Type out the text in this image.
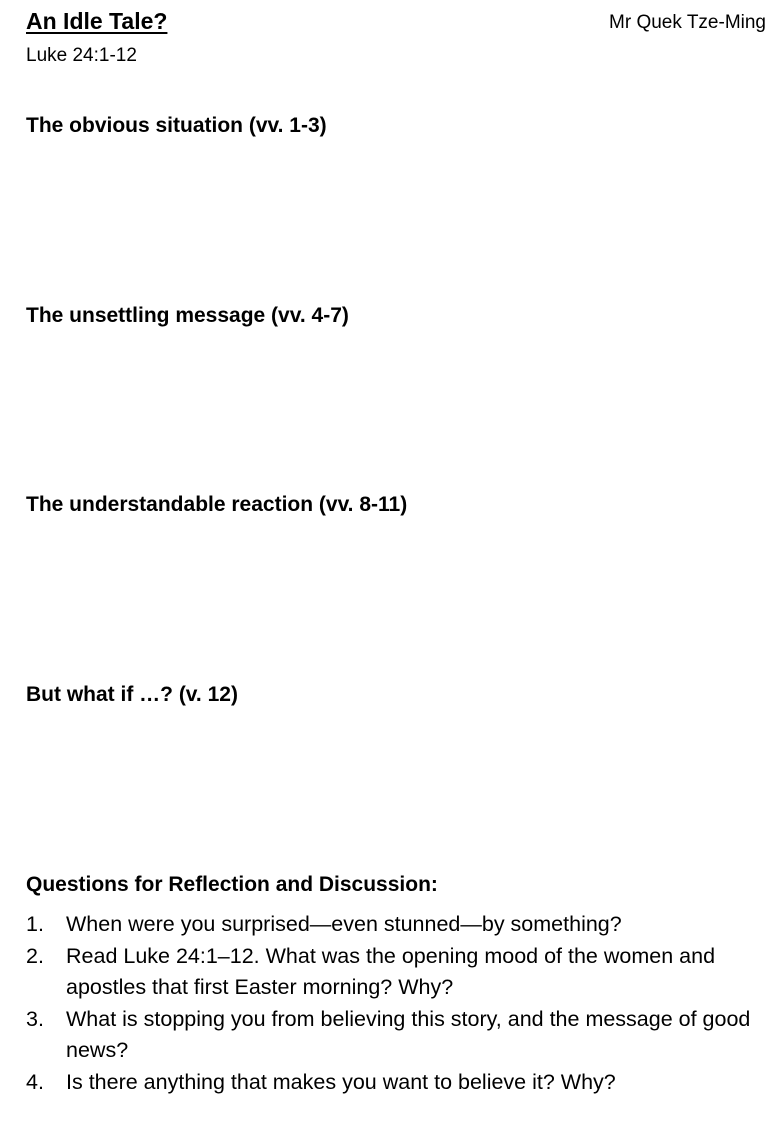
An Idle Tale?	Mr Quek Tze-Ming
Luke 24:1-12
The obvious situation (vv. 1-3)
The unsettling message (vv. 4-7)
The understandable reaction (vv. 8-11)
But what if …? (v. 12)
Questions for Reflection and Discussion:
1. When were you surprised—even stunned—by something?
2. Read Luke 24:1–12. What was the opening mood of the women and apostles that first Easter morning? Why?
3. What is stopping you from believing this story, and the message of good news?
4. Is there anything that makes you want to believe it? Why?
